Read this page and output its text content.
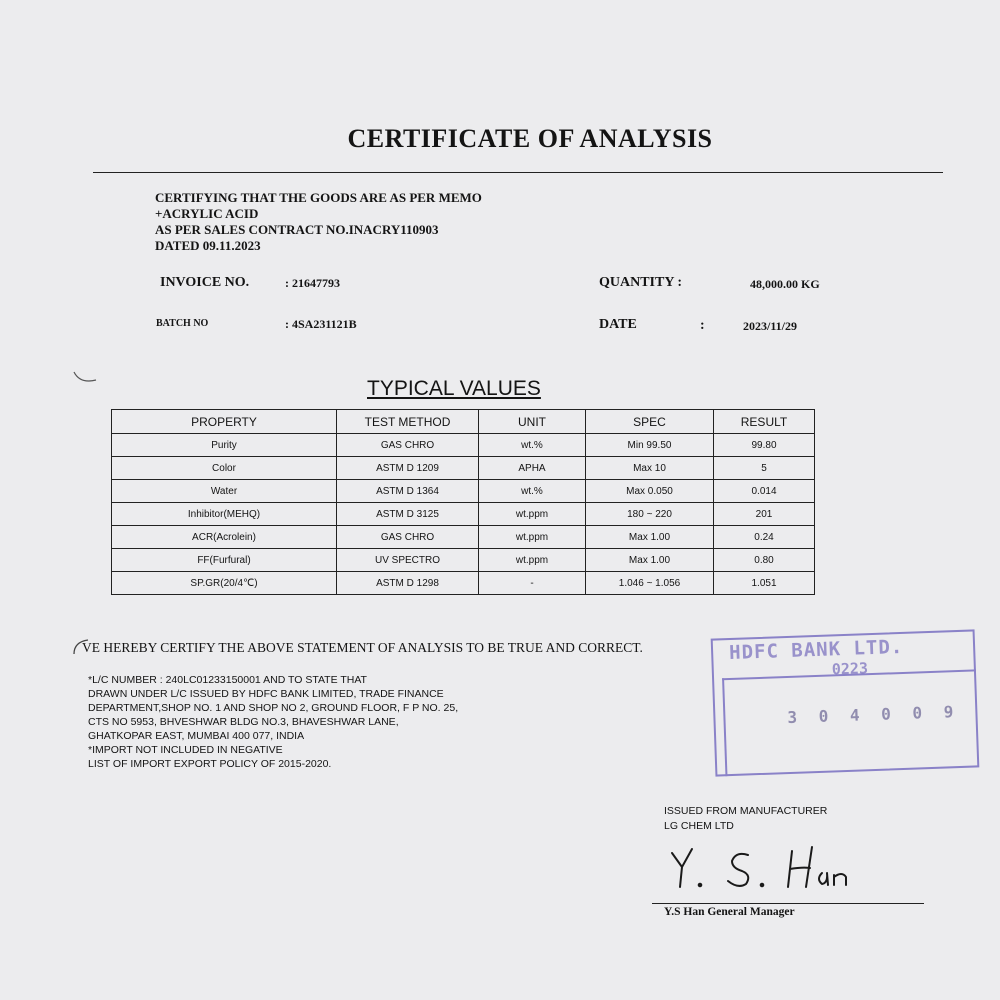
CERTIFICATE OF ANALYSIS
CERTIFYING THAT THE GOODS ARE AS PER MEMO
+ACRYLIC ACID
AS PER SALES CONTRACT NO.INACRY110903
DATED 09.11.2023
INVOICE NO.	: 21647793	QUANTITY :	48,000.00 KG
BATCH NO	: 4SA231121B	DATE	:	2023/11/29
TYPICAL VALUES
PROPERTY	TEST METHOD	UNIT	SPEC	RESULT
Purity	GAS CHRO	wt.%	Min 99.50	99.80
Color	ASTM D 1209	APHA	Max 10	5
Water	ASTM D 1364	wt.%	Max 0.050	0.014
Inhibitor(MEHQ)	ASTM D 3125	wt.ppm	180 ~ 220	201
ACR(Acrolein)	GAS CHRO	wt.ppm	Max 1.00	0.24
FF(Furfural)	UV SPECTRO	wt.ppm	Max 1.00	0.80
SP.GR(20/4℃)	ASTM D 1298	-	1.046 ~ 1.056	1.051
VE HEREBY CERTIFY THE ABOVE STATEMENT OF ANALYSIS TO BE TRUE AND CORRECT.
*L/C NUMBER : 240LC01233150001 AND TO STATE THAT
DRAWN UNDER L/C ISSUED BY HDFC BANK LIMITED, TRADE FINANCE
DEPARTMENT,SHOP NO. 1 AND SHOP NO 2, GROUND FLOOR, F P NO. 25,
CTS NO 5953, BHVESHWAR BLDG NO.3, BHAVESHWAR LANE,
GHATKOPAR EAST, MUMBAI 400 077, INDIA
*IMPORT NOT INCLUDED IN NEGATIVE
LIST OF IMPORT EXPORT POLICY OF 2015-2020.
HDFC BANK LTD.
0223
3 0 4 0 0 9
ISSUED FROM MANUFACTURER
LG CHEM LTD
Y.S Han General Manager
